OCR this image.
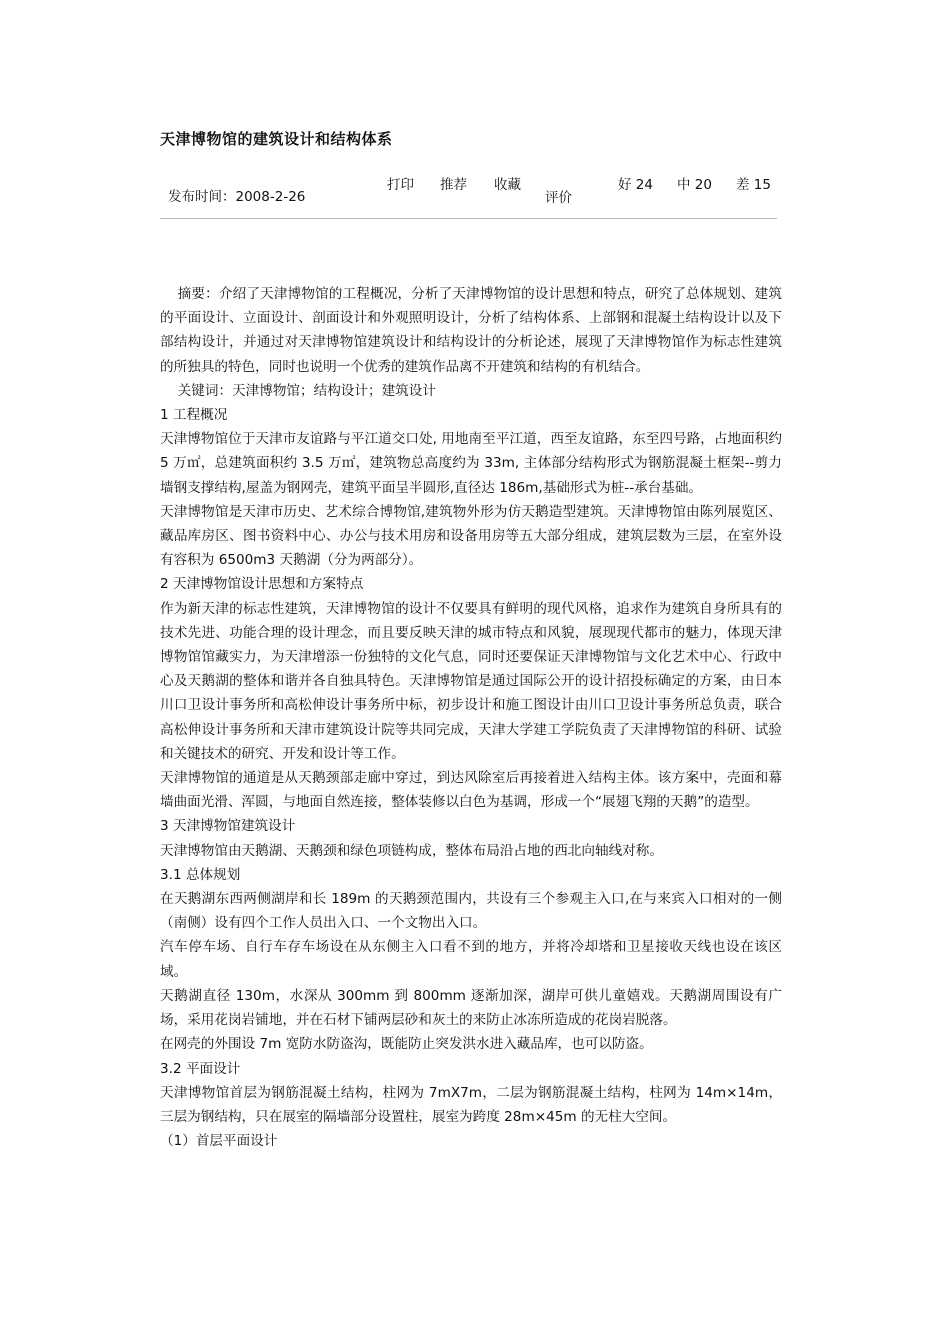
天津博物馆的建筑设计和结构体系
发布时间：2008-2-26
打印 推荐 收藏
评价
好 24 中 20 差 15

摘要：介绍了天津博物馆的工程概况，分析了天津博物馆的设计思想和特点，研究了总体规划、建筑的平面设计、立面设计、剖面设计和外观照明设计，分析了结构体系、上部钢和混凝土结构设计以及下部结构设计，并通过对天津博物馆建筑设计和结构设计的分析论述，展现了天津博物馆作为标志性建筑的所独具的特色，同时也说明一个优秀的建筑作品离不开建筑和结构的有机结合。

关键词：天津博物馆；结构设计；建筑设计

1 工程概况

天津博物馆位于天津市友谊路与平江道交口处, 用地南至平江道，西至友谊路，东至四号路，占地面积约 5 万㎡，总建筑面积约 3.5 万㎡，建筑物总高度约为 33m, 主体部分结构形式为钢筋混凝土框架--剪力墙钢支撑结构,屋盖为钢网壳，建筑平面呈半圆形,直径达 186m,基础形式为桩--承台基础。

天津博物馆是天津市历史、艺术综合博物馆,建筑物外形为仿天鹅造型建筑。天津博物馆由陈列展览区、藏品库房区、图书资料中心、办公与技术用房和设备用房等五大部分组成，建筑层数为三层，在室外设有容积为 6500m3 天鹅湖（分为两部分）。

2 天津博物馆设计思想和方案特点

作为新天津的标志性建筑，天津博物馆的设计不仅要具有鲜明的现代风格，追求作为建筑自身所具有的技术先进、功能合理的设计理念，而且要反映天津的城市特点和风貌，展现现代都市的魅力，体现天津博物馆馆藏实力，为天津增添一份独特的文化气息，同时还要保证天津博物馆与文化艺术中心、行政中心及天鹅湖的整体和谐并各自独具特色。天津博物馆是通过国际公开的设计招投标确定的方案，由日本川口卫设计事务所和高松伸设计事务所中标，初步设计和施工图设计由川口卫设计事务所总负责，联合高松伸设计事务所和天津市建筑设计院等共同完成，天津大学建工学院负责了天津博物馆的科研、试验和关键技术的研究、开发和设计等工作。

天津博物馆的通道是从天鹅颈部走廊中穿过，到达风除室后再接着进入结构主体。该方案中，壳面和幕墙曲面光滑、浑圆，与地面自然连接，整体装修以白色为基调，形成一个“展翅飞翔的天鹅”的造型。

3 天津博物馆建筑设计

天津博物馆由天鹅湖、天鹅颈和绿色项链构成，整体布局沿占地的西北向轴线对称。

3.1 总体规划

在天鹅湖东西两侧湖岸和长 189m 的天鹅颈范围内，共设有三个参观主入口,在与来宾入口相对的一侧（南侧）设有四个工作人员出入口、一个文物出入口。

汽车停车场、自行车存车场设在从东侧主入口看不到的地方，并将冷却塔和卫星接收天线也设在该区域。

天鹅湖直径 130m，水深从 300mm 到 800mm 逐渐加深，湖岸可供儿童嬉戏。天鹅湖周围设有广场，采用花岗岩铺地，并在石材下铺两层砂和灰土的来防止冰冻所造成的花岗岩脱落。

在网壳的外围设 7m 宽防水防盗沟，既能防止突发洪水进入藏品库，也可以防盗。

3.2 平面设计

天津博物馆首层为钢筋混凝土结构，柱网为 7mX7m，二层为钢筋混凝土结构，柱网为 14m×14m，三层为钢结构，只在展室的隔墙部分设置柱，展室为跨度 28m×45m 的无柱大空间。

（1）首层平面设计
